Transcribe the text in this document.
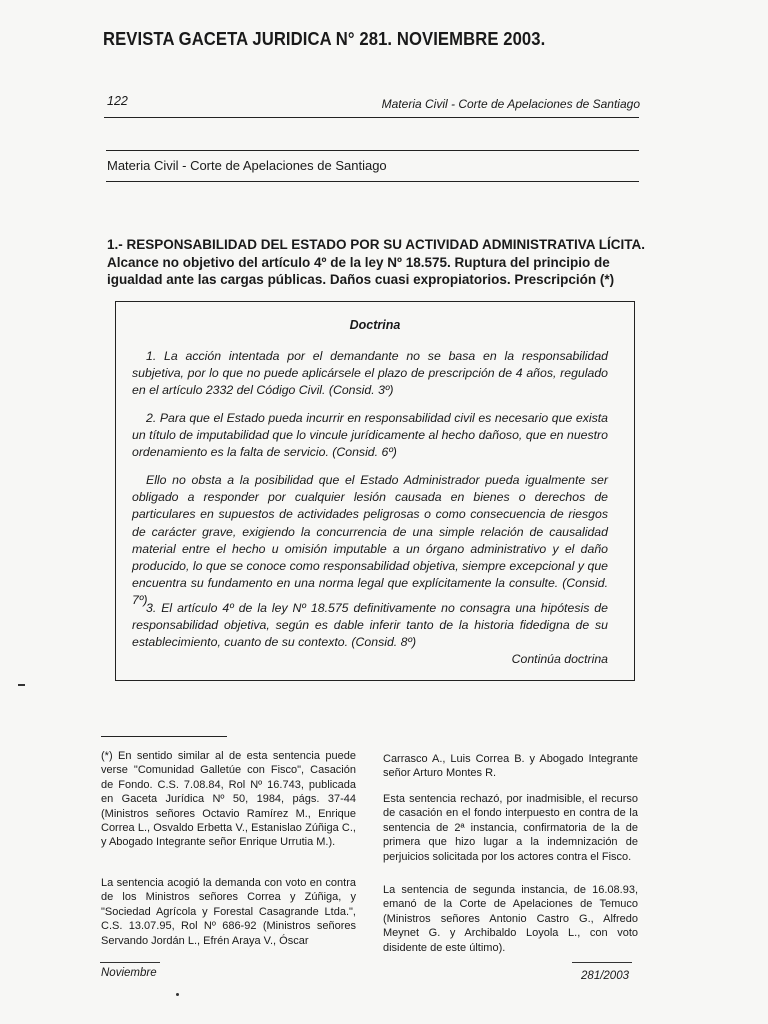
REVISTA GACETA JURIDICA N° 281. NOVIEMBRE 2003.
122	Materia Civil - Corte de Apelaciones de Santiago
Materia Civil - Corte de Apelaciones de Santiago
1.- RESPONSABILIDAD DEL ESTADO POR SU ACTIVIDAD ADMINISTRATIVA LÍCITA.
Alcance no objetivo del artículo 4º de la ley Nº 18.575. Ruptura del principio de igualdad ante las cargas públicas. Daños cuasi expropiatorios. Prescripción (*)
Doctrina
1. La acción intentada por el demandante no se basa en la responsabilidad subjetiva, por lo que no puede aplicársele el plazo de prescripción de 4 años, regulado en el artículo 2332 del Código Civil. (Consid. 3º)
2. Para que el Estado pueda incurrir en responsabilidad civil es necesario que exista un título de imputabilidad que lo vincule jurídicamente al hecho dañoso, que en nuestro ordenamiento es la falta de servicio. (Consid. 6º)
Ello no obsta a la posibilidad que el Estado Administrador pueda igualmente ser obligado a responder por cualquier lesión causada en bienes o derechos de particulares en supuestos de actividades peligrosas o como consecuencia de riesgos de carácter grave, exigiendo la concurrencia de una simple relación de causalidad material entre el hecho u omisión imputable a un órgano administrativo y el daño producido, lo que se conoce como responsabilidad objetiva, siempre excepcional y que encuentra su fundamento en una norma legal que explícitamente la consulte. (Consid. 7º)
3. El artículo 4º de la ley Nº 18.575 definitivamente no consagra una hipótesis de responsabilidad objetiva, según es dable inferir tanto de la historia fidedigna de su establecimiento, cuanto de su contexto. (Consid. 8º)
Continúa doctrina
(*) En sentido similar al de esta sentencia puede verse "Comunidad Galletúe con Fisco", Casación de Fondo. C.S. 7.08.84, Rol Nº 16.743, publicada en Gaceta Jurídica Nº 50, 1984, págs. 37-44 (Ministros señores Octavio Ramírez M., Enrique Correa L., Osvaldo Erbetta V., Estanislao Zúñiga C., y Abogado Integrante señor Enrique Urrutia M.).
La sentencia acogió la demanda con voto en contra de los Ministros señores Correa y Zúñiga, y "Sociedad Agrícola y Forestal Casagrande Ltda.", C.S. 13.07.95, Rol Nº 686-92 (Ministros señores Servando Jordán L., Efrén Araya V., Óscar
Carrasco A., Luis Correa B. y Abogado Integrante señor Arturo Montes R.
Esta sentencia rechazó, por inadmisible, el recurso de casación en el fondo interpuesto en contra de la sentencia de 2ª instancia, confirmatoria de la de primera que hizo lugar a la indemnización de perjuicios solicitada por los actores contra el Fisco.
La sentencia de segunda instancia, de 16.08.93, emanó de la Corte de Apelaciones de Temuco (Ministros señores Antonio Castro G., Alfredo Meynet G. y Archibaldo Loyola L., con voto disidente de este último).
Noviembre	281/2003
